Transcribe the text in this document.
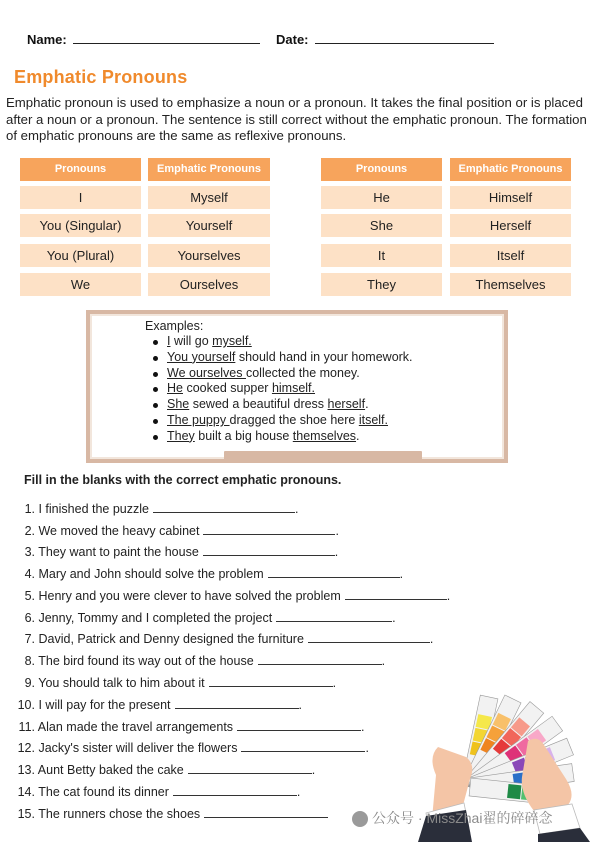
Name:	Date:
Emphatic Pronouns
Emphatic pronoun is used to emphasize a noun or a pronoun. It takes the final position or is placed after a noun or a pronoun. The sentence is still correct without the emphatic pronoun. The formation of emphatic pronouns are the same as reflexive pronouns.
Pronouns	Emphatic Pronouns
I	Myself
You (Singular)	Yourself
You (Plural)	Yourselves
We	Ourselves
Pronouns	Emphatic Pronouns
He	Himself
She	Herself
It	Itself
They	Themselves
Examples:
I will go myself.
You yourself should hand in your homework.
We ourselves collected the money.
He cooked supper himself.
She sewed a beautiful dress herself.
The puppy dragged the shoe here itself.
They built a big house themselves.
Fill in the blanks with the correct emphatic pronouns.
1. I finished the puzzle	.
2. We moved the heavy cabinet	.
3. They want to paint the house	.
4. Mary and John should solve the problem	.
5. Henry and you were clever to have solved the problem	.
6. Jenny, Tommy and I completed the project	.
7. David, Patrick and Denny designed the furniture	.
8. The bird found its way out of the house	.
9. You should talk to him about it	.
10. I will pay for the present	.
11. Alan made the travel arrangements	.
12. Jacky's sister will deliver the flowers	.
13. Aunt Betty baked the cake	.
14. The cat found its dinner	.
15. The runners chose the shoes	公众号 · MissZhai翟的碎碎念
